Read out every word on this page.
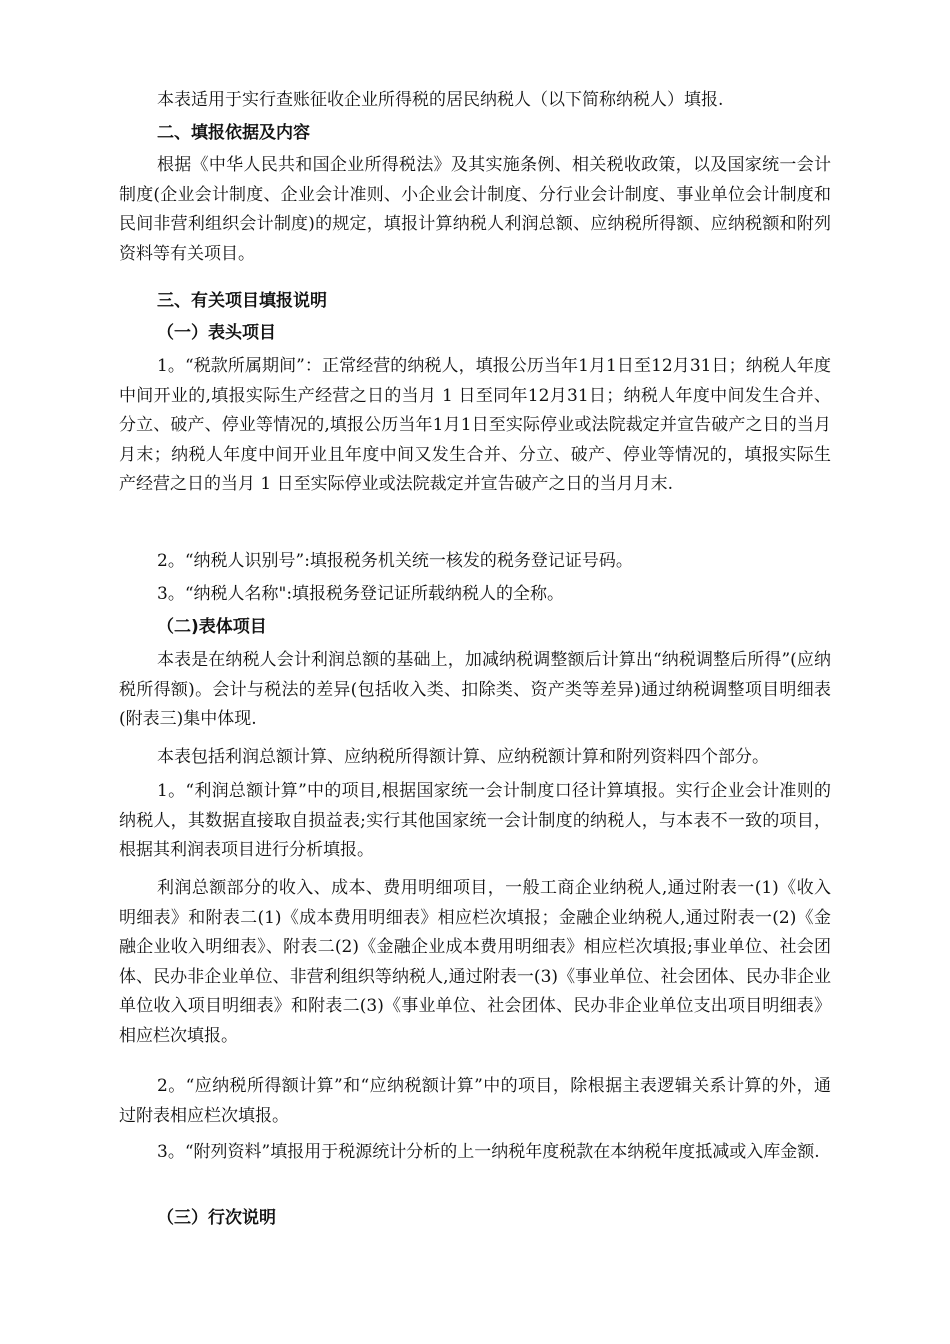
本表适用于实行查账征收企业所得税的居民纳税人（以下简称纳税人）填报.

二、填报依据及内容

根据《中华人民共和国企业所得税法》及其实施条例、相关税收政策，以及国家统一会计制度(企业会计制度、企业会计准则、小企业会计制度、分行业会计制度、事业单位会计制度和民间非营利组织会计制度)的规定，填报计算纳税人利润总额、应纳税所得额、应纳税额和附列资料等有关项目。

三、有关项目填报说明

（一）表头项目

1。“税款所属期间”：正常经营的纳税人，填报公历当年1月1日至12月31日；纳税人年度中间开业的,填报实际生产经营之日的当月 1 日至同年12月31日；纳税人年度中间发生合并、分立、破产、停业等情况的,填报公历当年1月1日至实际停业或法院裁定并宣告破产之日的当月月末；纳税人年度中间开业且年度中间又发生合并、分立、破产、停业等情况的，填报实际生产经营之日的当月 1 日至实际停业或法院裁定并宣告破产之日的当月月末.

2。“纳税人识别号”:填报税务机关统一核发的税务登记证号码。

3。“纳税人名称":填报税务登记证所载纳税人的全称。

（二)表体项目

本表是在纳税人会计利润总额的基础上，加减纳税调整额后计算出“纳税调整后所得”(应纳税所得额)。会计与税法的差异(包括收入类、扣除类、资产类等差异)通过纳税调整项目明细表(附表三)集中体现.

本表包括利润总额计算、应纳税所得额计算、应纳税额计算和附列资料四个部分。

1。“利润总额计算”中的项目,根据国家统一会计制度口径计算填报。实行企业会计准则的纳税人，其数据直接取自损益表;实行其他国家统一会计制度的纳税人，与本表不一致的项目，根据其利润表项目进行分析填报。

利润总额部分的收入、成本、费用明细项目，一般工商企业纳税人,通过附表一(1)《收入明细表》和附表二(1)《成本费用明细表》相应栏次填报；金融企业纳税人,通过附表一(2)《金融企业收入明细表》、附表二(2)《金融企业成本费用明细表》相应栏次填报;事业单位、社会团体、民办非企业单位、非营利组织等纳税人,通过附表一(3)《事业单位、社会团体、民办非企业单位收入项目明细表》和附表二(3)《事业单位、社会团体、民办非企业单位支出项目明细表》相应栏次填报。

2。“应纳税所得额计算”和“应纳税额计算”中的项目，除根据主表逻辑关系计算的外，通过附表相应栏次填报。

3。“附列资料”填报用于税源统计分析的上一纳税年度税款在本纳税年度抵减或入库金额.

（三）行次说明
